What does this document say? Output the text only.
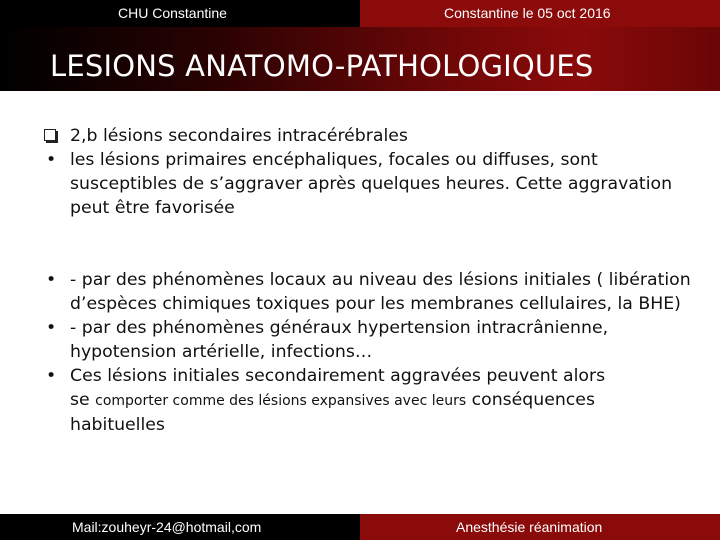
CHU Constantine	Constantine le 05 oct 2016
LESIONS ANATOMO-PATHOLOGIQUES
2,b lésions secondaires intracérébrales
• les lésions primaires encéphaliques, focales ou diffuses, sont susceptibles de s’aggraver après quelques heures. Cette aggravation peut être favorisée
• - par des phénomènes locaux au niveau des lésions initiales ( libération d’espèces chimiques toxiques pour les membranes cellulaires, la BHE)
• - par des phénomènes généraux hypertension intracrânienne, hypotension artérielle, infections…
• Ces lésions initiales secondairement aggravées peuvent alors
se comporter comme des lésions expansives avec leurs conséquences
habituelles
Mail:zouheyr-24@hotmail,com	Anesthésie réanimation
